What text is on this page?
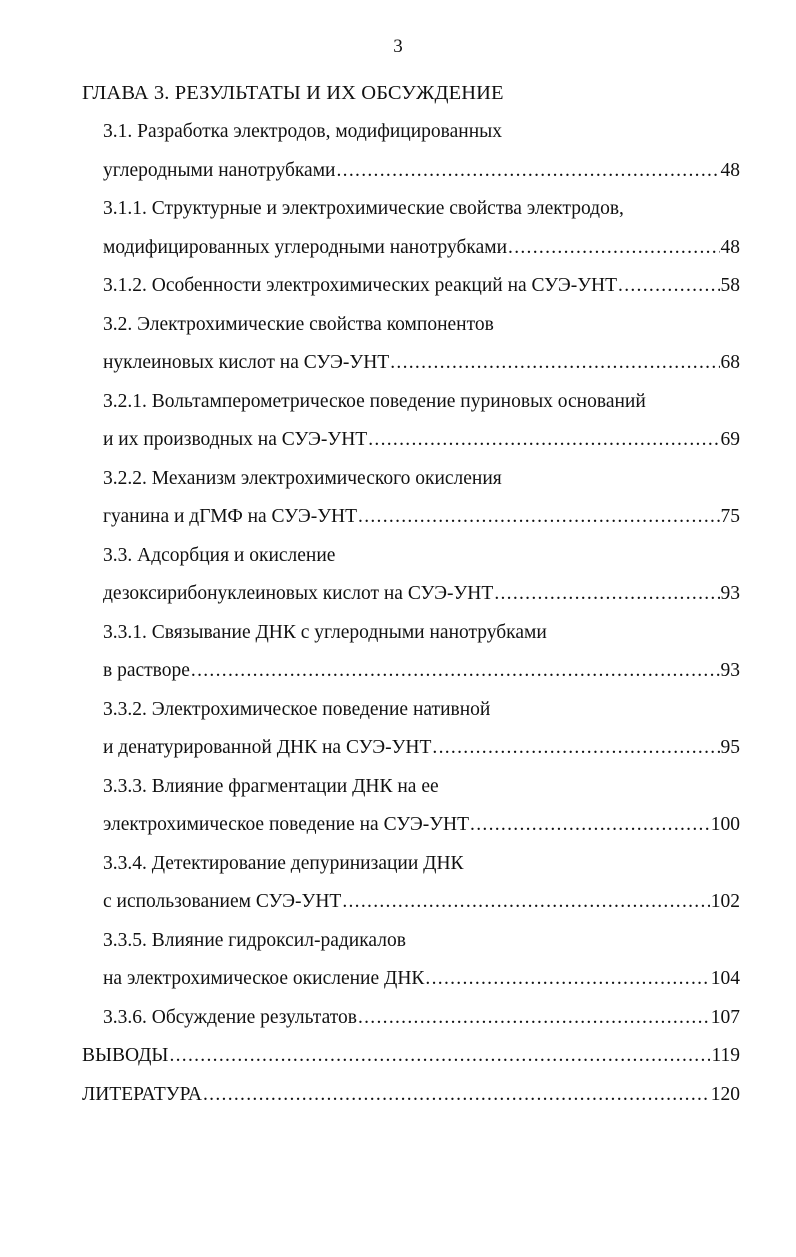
3
ГЛАВА 3. РЕЗУЛЬТАТЫ И ИХ ОБСУЖДЕНИЕ
3.1. Разработка электродов, модифицированных
углеродными нанотрубками .....	48
3.1.1. Структурные и электрохимические свойства электродов,
модифицированных углеродными нанотрубками .....	48
3.1.2. Особенности электрохимических реакций на СУЭ-УНТ .....	58
3.2. Электрохимические свойства компонентов
нуклеиновых кислот на СУЭ-УНТ .....	68
3.2.1. Вольтамперометрическое поведение пуриновых оснований
и их производных на СУЭ-УНТ .....	69
3.2.2. Механизм электрохимического окисления
гуанина и дГМФ на СУЭ-УНТ .....	75
3.3. Адсорбция и окисление
дезоксирибонуклеиновых кислот на СУЭ-УНТ .....	93
3.3.1. Связывание ДНК с углеродными нанотрубками
в растворе .....	93
3.3.2. Электрохимическое поведение нативной
и денатурированной ДНК на СУЭ-УНТ .....	95
3.3.3. Влияние фрагментации ДНК на ее
электрохимическое поведение на СУЭ-УНТ .....	100
3.3.4. Детектирование депуринизации ДНК
с использованием СУЭ-УНТ .....	102
3.3.5. Влияние гидроксил-радикалов
на электрохимическое окисление ДНК .....	104
3.3.6. Обсуждение результатов .....	107
ВЫВОДЫ .....	119
ЛИТЕРАТУРА .....	120
